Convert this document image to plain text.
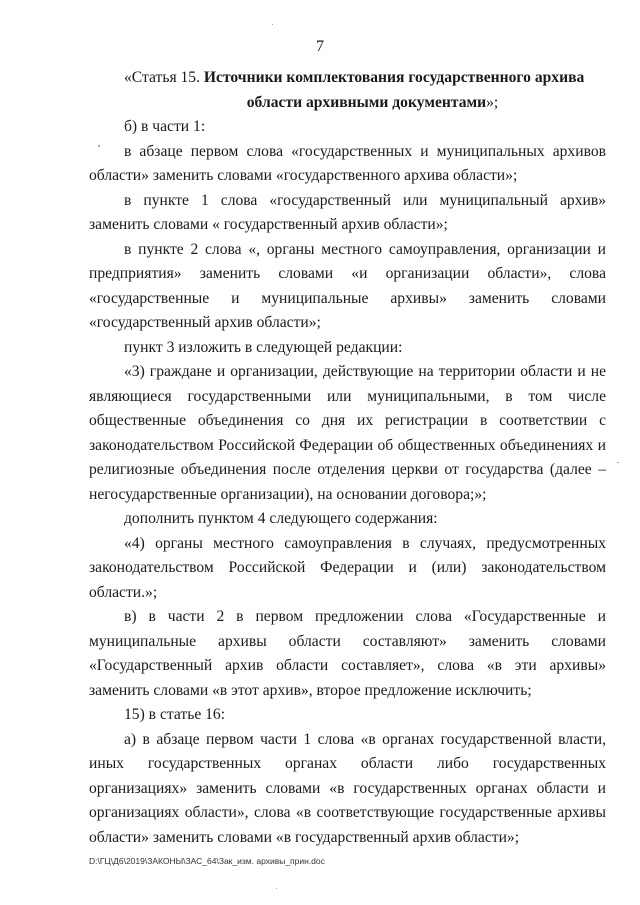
7

«Статья 15. Источники комплектования государственного архива

области архивными документами»;

б) в части 1:

в абзаце первом слова «государственных и муниципальных архивов области» заменить словами «государственного архива области»;

в пункте 1 слова «государственный или муниципальный архив» заменить словами « государственный архив области»;

в пункте 2 слова «, органы местного самоуправления, организации и предприятия» заменить словами «и организации области», слова «государственные и муниципальные архивы» заменить словами «государственный архив области»;

пункт 3 изложить в следующей редакции:

«3) граждане и организации, действующие на территории области и не являющиеся государственными или муниципальными, в том числе общественные объединения со дня их регистрации в соответствии с законодательством Российской Федерации об общественных объединениях и религиозные объединения после отделения церкви от государства (далее – негосударственные организации), на основании договора;»;

дополнить пунктом 4 следующего содержания:

«4) органы местного самоуправления в случаях, предусмотренных законодательством Российской Федерации и (или) законодательством области.»;

в) в части 2 в первом предложении слова «Государственные и муниципальные архивы области составляют» заменить словами «Государственный архив области составляет», слова «в эти архивы» заменить словами «в этот архив», второе предложение исключить;

15) в статье 16:

а) в абзаце первом части 1 слова «в органах государственной власти, иных государственных органах области либо государственных организациях» заменить словами «в государственных органах области и организациях области», слова «в соответствующие государственные архивы области» заменить словами «в государственный архив области»;

D:\ГЦ\Д6\2019\ЗАКОНЫ\ЗАС_64\Зак_изм. архивы_прин.doc
